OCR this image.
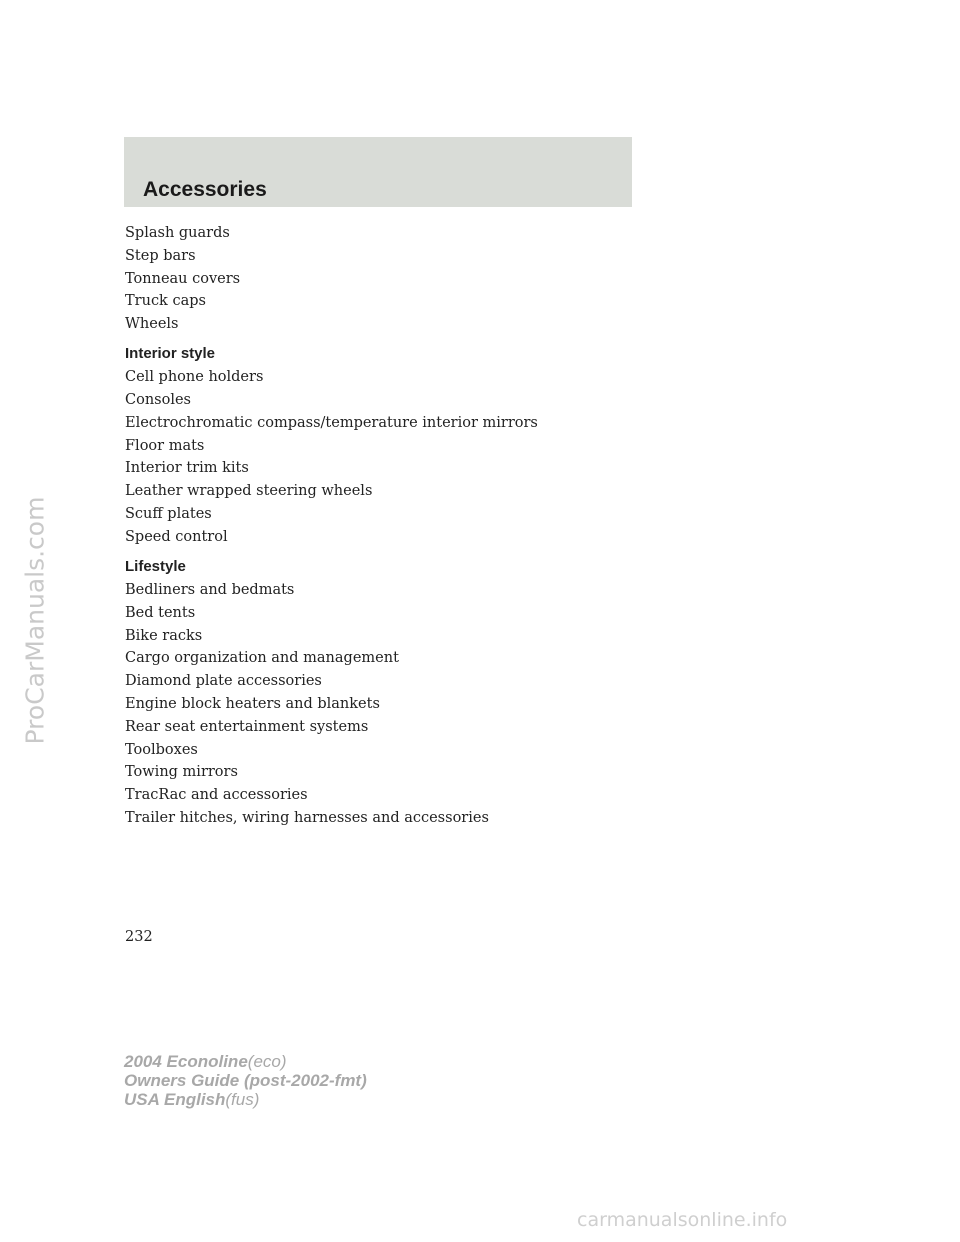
ProCarManuals.com
Accessories
Splash guards
Step bars
Tonneau covers
Truck caps
Wheels
Interior style
Cell phone holders
Consoles
Electrochromatic compass/temperature interior mirrors
Floor mats
Interior trim kits
Leather wrapped steering wheels
Scuff plates
Speed control
Lifestyle
Bedliners and bedmats
Bed tents
Bike racks
Cargo organization and management
Diamond plate accessories
Engine block heaters and blankets
Rear seat entertainment systems
Toolboxes
Towing mirrors
TracRac and accessories
Trailer hitches, wiring harnesses and accessories
232
2004 Econoline(eco)
Owners Guide (post-2002-fmt)
USA English(fus)
carmanualsonline.info
